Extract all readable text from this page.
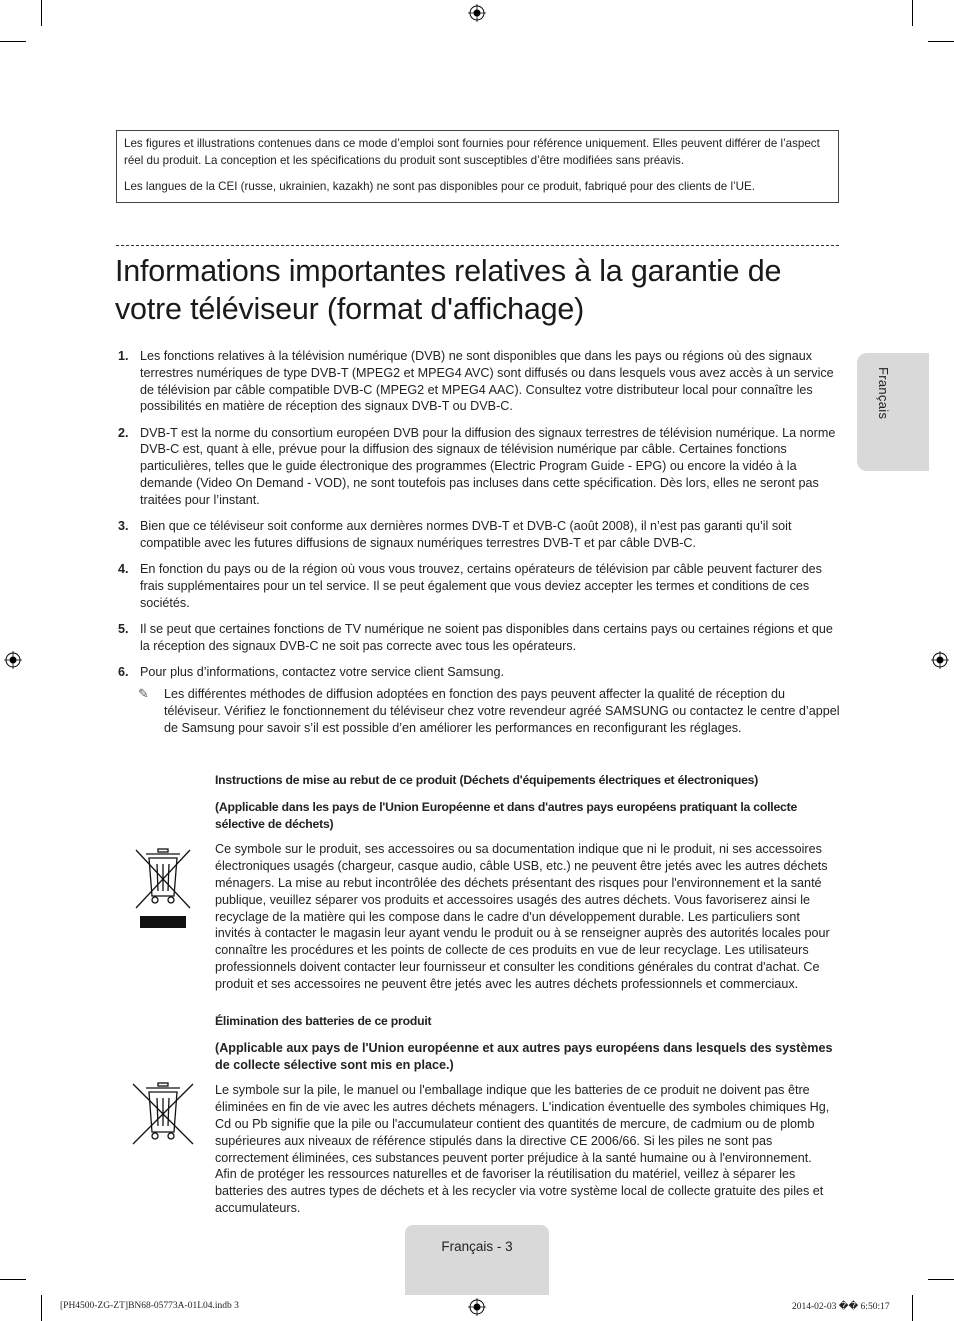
Les figures et illustrations contenues dans ce mode d’emploi sont fournies pour référence uniquement. Elles peuvent différer de l’aspect réel du produit. La conception et les spécifications du produit sont susceptibles d’être modifiées sans préavis.

Les langues de la CEI (russe, ukrainien, kazakh) ne sont pas disponibles pour ce produit, fabriqué pour des clients de l’UE.

Informations importantes relatives à la garantie de votre téléviseur (format d'affichage)
1. Les fonctions relatives à la télévision numérique (DVB) ne sont disponibles que dans les pays ou régions où des signaux terrestres numériques de type DVB-T (MPEG2 et MPEG4 AVC) sont diffusés ou dans lesquels vous avez accès à un service de télévision par câble compatible DVB-C (MPEG2 et MPEG4 AAC). Consultez votre distributeur local pour connaître les possibilités en matière de réception des signaux DVB-T ou DVB-C.
2. DVB-T est la norme du consortium européen DVB pour la diffusion des signaux terrestres de télévision numérique. La norme DVB-C est, quant à elle, prévue pour la diffusion des signaux de télévision numérique par câble. Certaines fonctions particulières, telles que le guide électronique des programmes (Electric Program Guide - EPG) ou encore la vidéo à la demande (Video On Demand - VOD), ne sont toutefois pas incluses dans cette spécification. Dès lors, elles ne seront pas traitées pour l’instant.
3. Bien que ce téléviseur soit conforme aux dernières normes DVB-T et DVB-C (août 2008), il n’est pas garanti qu’il soit compatible avec les futures diffusions de signaux numériques terrestres DVB-T et par câble DVB-C.
4. En fonction du pays ou de la région où vous vous trouvez, certains opérateurs de télévision par câble peuvent facturer des frais supplémentaires pour un tel service. Il se peut également que vous deviez accepter les termes et conditions de ces sociétés.
5. Il se peut que certaines fonctions de TV numérique ne soient pas disponibles dans certains pays ou certaines régions et que la réception des signaux DVB-C ne soit pas correcte avec tous les opérateurs.
6. Pour plus d’informations, contactez votre service client Samsung.
✎ Les différentes méthodes de diffusion adoptées en fonction des pays peuvent affecter la qualité de réception du téléviseur. Vérifiez le fonctionnement du téléviseur chez votre revendeur agréé SAMSUNG ou contactez le centre d’appel de Samsung pour savoir s’il est possible d’en améliorer les performances en reconfigurant les réglages.

Instructions de mise au rebut de ce produit (Déchets d'équipements électriques et électroniques)

(Applicable dans les pays de l'Union Européenne et dans d'autres pays européens pratiquant la collecte sélective de déchets)

Ce symbole sur le produit, ses accessoires ou sa documentation indique que ni le produit, ni ses accessoires électroniques usagés (chargeur, casque audio, câble USB, etc.) ne peuvent être jetés avec les autres déchets ménagers. La mise au rebut incontrôlée des déchets présentant des risques pour l'environnement et la santé publique, veuillez séparer vos produits et accessoires usagés des autres déchets. Vous favoriserez ainsi le recyclage de la matière qui les compose dans le cadre d'un développement durable. Les particuliers sont invités à contacter le magasin leur ayant vendu le produit ou à se renseigner auprès des autorités locales pour connaître les procédures et les points de collecte de ces produits en vue de leur recyclage. Les utilisateurs professionnels doivent contacter leur fournisseur et consulter les conditions générales du contrat d'achat. Ce produit et ses accessoires ne peuvent être jetés avec les autres déchets professionnels et commerciaux.

Élimination des batteries de ce produit

(Applicable aux pays de l'Union européenne et aux autres pays européens dans lesquels des systèmes de collecte sélective sont mis en place.)

Le symbole sur la pile, le manuel ou l'emballage indique que les batteries de ce produit ne doivent pas être éliminées en fin de vie avec les autres déchets ménagers. L'indication éventuelle des symboles chimiques Hg, Cd ou Pb signifie que la pile ou l'accumulateur contient des quantités de mercure, de cadmium ou de plomb supérieures aux niveaux de référence stipulés dans la directive CE 2006/66. Si les piles ne sont pas correctement éliminées, ces substances peuvent porter préjudice à la santé humaine ou à l'environnement. Afin de protéger les ressources naturelles et de favoriser la réutilisation du matériel, veillez à séparer les batteries des autres types de déchets et à les recycler via votre système local de collecte gratuite des piles et accumulateurs.

Français
Français - 3
[PH4500-ZG-ZT]BN68-05773A-01L04.indb 3	2014-02-03 �� 6:50:17
